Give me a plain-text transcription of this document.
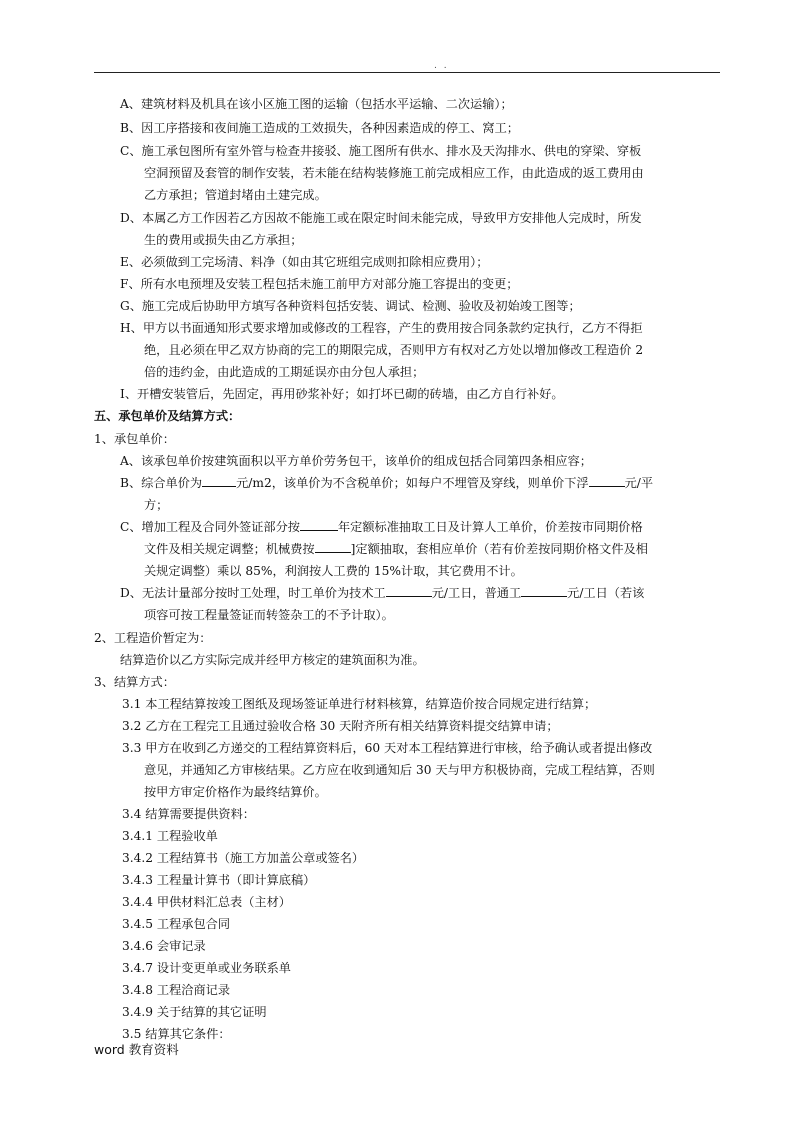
. .
A、建筑材料及机具在该小区施工图的运输（包括水平运输、二次运输）；
B、因工序搭接和夜间施工造成的工效损失，各种因素造成的停工、窝工；
C、施工承包图所有室外管与检查井接驳、施工图所有供水、排水及天沟排水、供电的穿梁、穿板
空洞预留及套管的制作安装，若未能在结构装修施工前完成相应工作，由此造成的返工费用由
乙方承担；管道封堵由土建完成。
D、本属乙方工作因若乙方因故不能施工或在限定时间未能完成，导致甲方安排他人完成时，所发
生的费用或损失由乙方承担；
E、必须做到工完场清、料净（如由其它班组完成则扣除相应费用）；
F、所有水电预埋及安装工程包括未施工前甲方对部分施工容提出的变更；
G、施工完成后协助甲方填写各种资料包括安装、调试、检测、验收及初始竣工图等；
H、甲方以书面通知形式要求增加或修改的工程容，产生的费用按合同条款约定执行，乙方不得拒
绝，且必须在甲乙双方协商的完工的期限完成，否则甲方有权对乙方处以增加修改工程造价 2
倍的违约金，由此造成的工期延误亦由分包人承担；
I、开槽安装管后，先固定，再用砂浆补好；如打坏已砌的砖墙，由乙方自行补好。
五、承包单价及结算方式：
1、承包单价：
A、该承包单价按建筑面积以平方单价劳务包干，该单价的组成包括合同第四条相应容；
B、综合单价为	元/m2，该单价为不含税单价；如每户不埋管及穿线，则单价下浮	元/平
方；
C、增加工程及合同外签证部分按	年定额标准抽取工日及计算人工单价，价差按市同期价格
文件及相关规定调整；机械费按	]定额抽取，套相应单价（若有价差按同期价格文件及相
关规定调整）乘以 85%，利润按人工费的 15%计取，其它费用不计。
D、无法计量部分按时工处理，时工单价为技术工	元/工日，普通工	元/工日（若该
项容可按工程量签证而转签杂工的不予计取）。
2、工程造价暂定为：
结算造价以乙方实际完成并经甲方核定的建筑面积为准。
3、结算方式：
3.1 本工程结算按竣工图纸及现场签证单进行材料核算，结算造价按合同规定进行结算；
3.2 乙方在工程完工且通过验收合格 30 天附齐所有相关结算资料提交结算申请；
3.3 甲方在收到乙方递交的工程结算资料后，60 天对本工程结算进行审核，给予确认或者提出修改
意见，并通知乙方审核结果。乙方应在收到通知后 30 天与甲方积极协商，完成工程结算，否则
按甲方审定价格作为最终结算价。
3.4 结算需要提供资料：
3.4.1 工程验收单
3.4.2 工程结算书（施工方加盖公章或签名）
3.4.3 工程量计算书（即计算底稿）
3.4.4 甲供材料汇总表（主材）
3.4.5 工程承包合同
3.4.6 会审记录
3.4.7 设计变更单或业务联系单
3.4.8 工程洽商记录
3.4.9 关于结算的其它证明
3.5 结算其它条件：
word 教育资料
